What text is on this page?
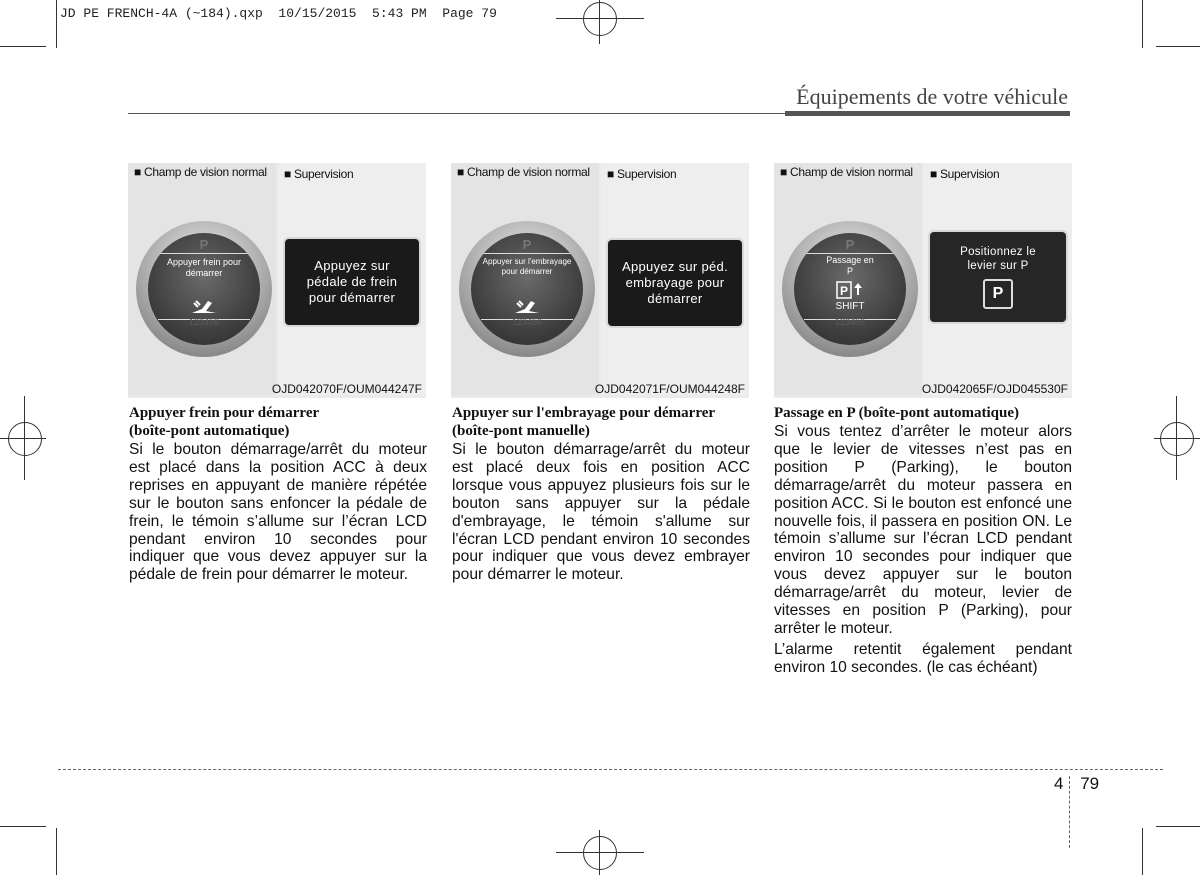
JD PE FRENCH-4A (~184).qxp  10/15/2015  5:43 PM  Page 79
Équipements de votre véhicule
■ Champ de vision normal
P
Appuyer frein pour démarrer
123456
■ Supervision
Appuyez sur pédale de frein pour démarrer
OJD042070F/OUM044247F
■ Champ de vision normal
P
Appuyer sur l'embrayage pour démarrer
123456
■ Supervision
Appuyez sur péd. embrayage pour démarrer
OJD042071F/OUM044248F
■ Champ de vision normal
P
Passage en P
P
SHIFT
123456
■ Supervision
Positionnez le levier sur P
P
OJD042065F/OJD045530F
Appuyer frein pour démarrer (boîte-pont automatique)
Si le bouton démarrage/arrêt du moteur est placé dans la position ACC à deux reprises en appuyant de manière répétée sur le bouton sans enfoncer la pédale de frein, le témoin s’allume sur l’écran LCD pendant environ 10 secondes pour indiquer que vous devez appuyer sur la pédale de frein pour démarrer le moteur.
Appuyer sur l'embrayage pour démarrer (boîte-pont manuelle)
Si le bouton démarrage/arrêt du moteur est placé deux fois en position ACC lorsque vous appuyez plusieurs fois sur le bouton sans appuyer sur la pédale d'embrayage, le témoin s'allume sur l'écran LCD pendant environ 10 secondes pour indiquer que vous devez embrayer pour démarrer le moteur.
Passage en P (boîte-pont automatique)
Si vous tentez d’arrêter le moteur alors que le levier de vitesses n’est pas en position P (Parking), le bouton démarrage/arrêt du moteur passera en position ACC. Si le bouton est enfoncé une nouvelle fois, il passera en position ON. Le témoin s’allume sur l’écran LCD pendant environ 10 secondes pour indiquer que vous devez appuyer sur le bouton démarrage/arrêt du moteur, levier de vitesses en position P (Parking), pour arrêter le moteur.
L’alarme retentit également pendant environ 10 secondes. (le cas échéant)
4 79
